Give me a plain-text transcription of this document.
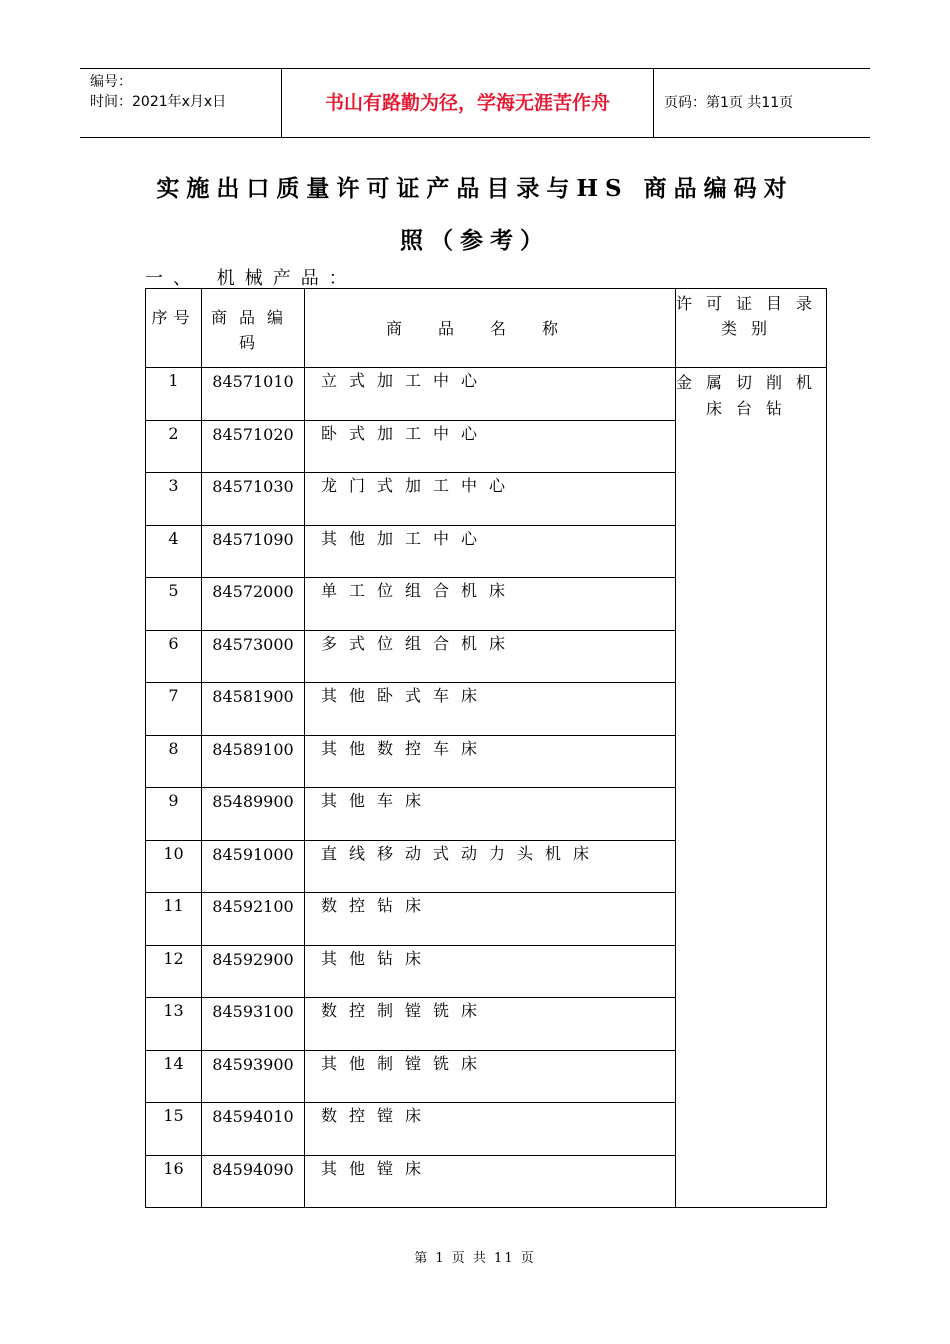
编号：
时间：2021年x月x日	书山有路勤为径，学海无涯苦作舟	页码：第1页 共11页
实施出口质量许可证产品目录与HS 商品编码对
照（参考）
一、 机械产品：
序号	商品编码	商品名称	许可证目录类别
1	84571010	立式加工中心	金属切削机床台钻
2	84571020	卧式加工中心	
3	84571030	龙门式加工中心	
4	84571090	其他加工中心	
5	84572000	单工位组合机床	
6	84573000	多式位组合机床	
7	84581900	其他卧式车床	
8	84589100	其他数控车床	
9	85489900	其他车床	
10	84591000	直线移动式动力头机床	
11	84592100	数控钻床	
12	84592900	其他钻床	
13	84593100	数控制镗铣床	
14	84593900	其他制镗铣床	
15	84594010	数控镗床	
16	84594090	其他镗床	
第 1 页 共 11 页
